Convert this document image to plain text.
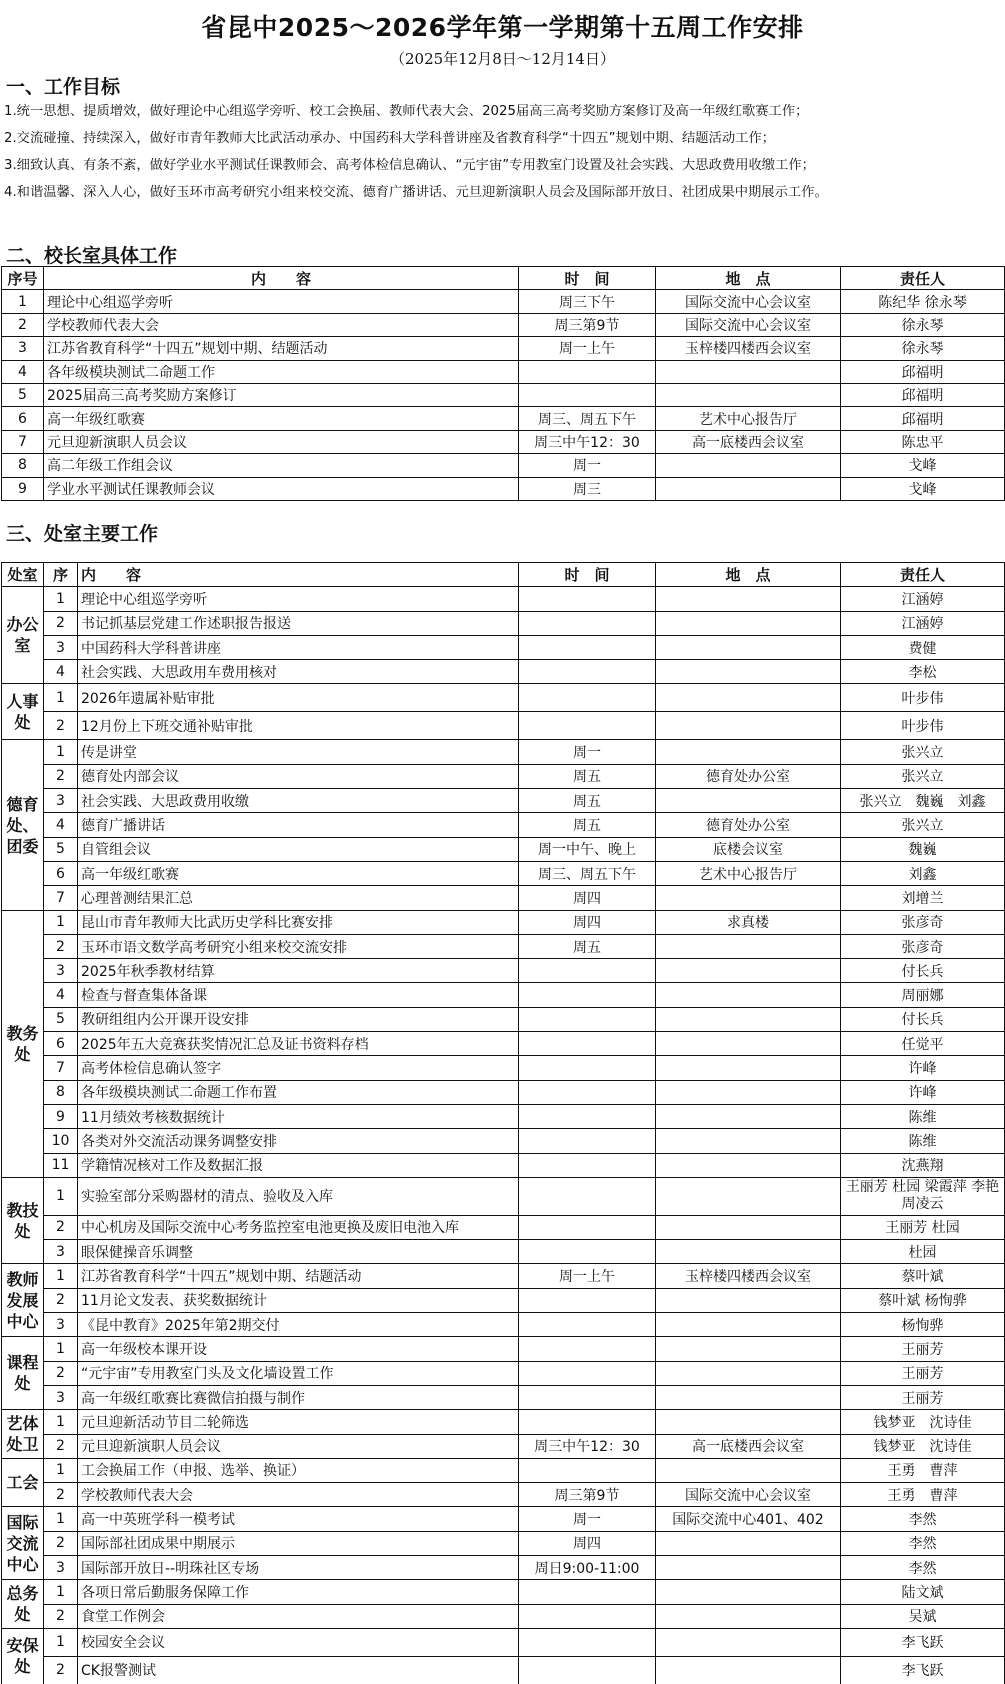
省昆中2025～2026学年第一学期第十五周工作安排
（2025年12月8日～12月14日）
一、工作目标
1.统一思想、提质增效，做好理论中心组巡学旁听、校工会换届、教师代表大会、2025届高三高考奖励方案修订及高一年级红歌赛工作；
2.交流碰撞、持续深入，做好市青年教师大比武活动承办、中国药科大学科普讲座及省教育科学“十四五”规划中期、结题活动工作；
3.细致认真、有条不紊，做好学业水平测试任课教师会、高考体检信息确认、“元宇宙”专用教室门设置及社会实践、大思政费用收缴工作；
4.和谐温馨、深入人心，做好玉环市高考研究小组来校交流、德育广播讲话、元旦迎新演职人员会及国际部开放日、社团成果中期展示工作。
二、校长室具体工作
序号	内　　容	时　间	地　点	责任人
1	理论中心组巡学旁听	周三下午	国际交流中心会议室	陈纪华 徐永琴
2	学校教师代表大会	周三第9节	国际交流中心会议室	徐永琴
3	江苏省教育科学“十四五”规划中期、结题活动	周一上午	玉梓楼四楼西会议室	徐永琴
4	各年级模块测试二命题工作			邱福明
5	2025届高三高考奖励方案修订			邱福明
6	高一年级红歌赛	周三、周五下午	艺术中心报告厅	邱福明
7	元旦迎新演职人员会议	周三中午12：30	高一底楼西会议室	陈忠平
8	高二年级工作组会议	周一		戈峰
9	学业水平测试任课教师会议	周三		戈峰
三、处室主要工作
处室	序	内　　容	时　间	地　点	责任人
办公室	1	理论中心组巡学旁听			江涵婷
	2	书记抓基层党建工作述职报告报送			江涵婷
	3	中国药科大学科普讲座			费健
	4	社会实践、大思政用车费用核对			李松
人事处	1	2026年遗属补贴审批			叶步伟
	2	12月份上下班交通补贴审批			叶步伟
德育处、团委	1	传是讲堂	周一		张兴立
	2	德育处内部会议	周五	德育处办公室	张兴立
	3	社会实践、大思政费用收缴	周五		张兴立　魏巍　刘鑫
	4	德育广播讲话	周五	德育处办公室	张兴立
	5	自管组会议	周一中午、晚上	底楼会议室	魏巍
	6	高一年级红歌赛	周三、周五下午	艺术中心报告厅	刘鑫
	7	心理普测结果汇总	周四		刘增兰
教务处	1	昆山市青年教师大比武历史学科比赛安排	周四	求真楼	张彦奇
	2	玉环市语文数学高考研究小组来校交流安排	周五		张彦奇
	3	2025年秋季教材结算			付长兵
	4	检查与督查集体备课			周丽娜
	5	教研组组内公开课开设安排			付长兵
	6	2025年五大竞赛获奖情况汇总及证书资料存档			任觉平
	7	高考体检信息确认签字			许峰
	8	各年级模块测试二命题工作布置			许峰
	9	11月绩效考核数据统计			陈维
	10	各类对外交流活动课务调整安排			陈维
	11	学籍情况核对工作及数据汇报			沈燕翔
教技处	1	实验室部分采购器材的清点、验收及入库			王丽芳 杜园 梁霞萍 李艳 周凌云
	2	中心机房及国际交流中心考务监控室电池更换及废旧电池入库			王丽芳 杜园
	3	眼保健操音乐调整			杜园
教师发展中心	1	江苏省教育科学“十四五”规划中期、结题活动	周一上午	玉梓楼四楼西会议室	蔡叶斌
	2	11月论文发表、获奖数据统计			蔡叶斌 杨恂骅
	3	《昆中教育》2025年第2期交付			杨恂骅
课程处	1	高一年级校本课开设			王丽芳
	2	“元宇宙”专用教室门头及文化墙设置工作			王丽芳
	3	高一年级红歌赛比赛微信拍摄与制作			王丽芳
艺体处卫	1	元旦迎新活动节目二轮筛选			钱梦亚　沈诗佳
	2	元旦迎新演职人员会议	周三中午12：30	高一底楼西会议室	钱梦亚　沈诗佳
工会	1	工会换届工作（申报、选举、换证）			王勇　曹萍
	2	学校教师代表大会	周三第9节	国际交流中心会议室	王勇　曹萍
国际交流中心	1	高一中英班学科一模考试	周一	国际交流中心401、402	李然
	2	国际部社团成果中期展示	周四		李然
	3	国际部开放日--明珠社区专场	周日9:00-11:00		李然
总务处	1	各项日常后勤服务保障工作			陆文斌
	2	食堂工作例会			吴斌
安保处	1	校园安全会议			李飞跃
	2	CK报警测试			李飞跃
